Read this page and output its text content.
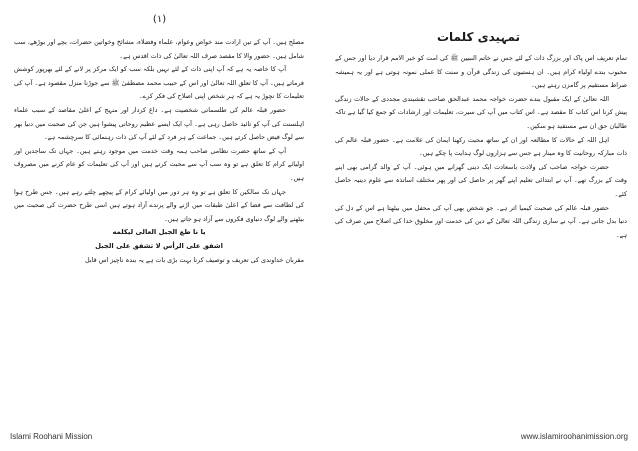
(۱)

مصلح ہیں۔ آپ کے تین ارادت مند خواص وعوام، علماء وفضلاء، مشائخ وخواتین حضرات، بچے اور بوڑھے، سب شامل ہیں۔ حضور والا کا مقصد صرف اللہ تعالیٰ کی ذات اقدس ہے۔

آپ کا خاصہ یہ ہے کہ آپ اپنی ذات کے لئے نہیں بلکہ سب کو ایک مرکز پر لانے کے لئے بھرپور کوشش فرماتے ہیں۔ آپ کا تعلق اللہ تعالیٰ اور اس کے حبیب محمد مصطفیٰ ﷺ سے جوڑنا منزل مقصود ہے۔ آپ کی تعلیمات کا نچوڑ یہ ہے کہ ہر شخص اپنی اصلاح کی فکر کرے۔

حضور قبلہ عالم کی طلسماتی شخصیت ہے۔ داغ کردار اور منہج کے اعلیٰ مقاصد کے سبب علماء اہلسنت کی آپ کو تائید حاصل رہی ہے۔ آپ ایک ایسے عظیم روحانی پیشوا ہیں جن کی صحبت میں دنیا بھر سے لوگ فیض حاصل کرتے ہیں۔ جماعت کے ہر فرد کے لئے آپ کی ذات رہنمائی کا سرچشمہ ہے۔

آپ کے ساتھ حضرت نظامی صاحب ہمہ وقت خدمت میں موجود رہتے ہیں۔ جہاں تک ساجدین اور اولیائے کرام کا تعلق ہے تو وہ سب آپ سے محبت کرتے ہیں اور آپ کی تعلیمات کو عام کرنے میں مصروف ہیں۔

جہاں تک سالکین کا تعلق ہے تو وہ ہر دور میں اولیائے کرام کے پیچھے چلتے رہے ہیں۔ جس طرح ہوا کی لطافت سے فضا کے اعلیٰ طبقات میں اڑنے والے پرندے آزاد ہوتے ہیں اسی طرح حضرت کی صحبت میں بیٹھنے والے لوگ دنیاوی فکروں سے آزاد ہو جاتے ہیں۔

یا نا طع الجبل العالی لیکلمه

اشفق علی الرأس لا تشفق علی الجبل

مقربان خداوندی کی تعریف و توصیف کرنا بہت بڑی بات ہے یہ بندہ ناچیز اس قابل

Islami Roohani Mission
تمہیدی کلمات

تمام تعریف اس پاک اور بزرگ ذات کے لئے جس نے خاتم النبیین ﷺ کی امت کو خیر الامم قرار دیا اور جس کے محبوب بندے اولیاء کرام ہیں۔ ان ہستیوں کی زندگی قرآن و سنت کا عملی نمونہ ہوتی ہے اور یہ ہمیشہ صراط مستقیم پر گامزن رہتے ہیں۔

اللہ تعالیٰ کے ایک مقبول بندے حضرت خواجہ محمد عبدالحق صاحب نقشبندی مجددی کے حالات زندگی پیش کرنا اس کتاب کا مقصد ہے۔ اس کتاب میں آپ کی سیرت، تعلیمات اور ارشادات کو جمع کیا گیا ہے تاکہ طالبان حق ان سے مستفید ہو سکیں۔

اہل اللہ کے حالات کا مطالعہ اور ان کے ساتھ محبت رکھنا ایمان کی علامت ہے۔ حضور قبلہ عالم کی ذات مبارکہ روحانیت کا وہ مینار ہے جس سے ہزاروں لوگ ہدایت پا چکے ہیں۔

حضرت خواجہ صاحب کی ولادت باسعادت ایک دینی گھرانے میں ہوئی۔ آپ کے والد گرامی بھی اپنے وقت کے بزرگ تھے۔ آپ نے ابتدائی تعلیم اپنے گھر پر حاصل کی اور پھر مختلف اساتذہ سے علوم دینیہ حاصل کئے۔

حضور قبلہ عالم کی صحبت کیمیا اثر ہے۔ جو شخص بھی آپ کی محفل میں بیٹھتا ہے اس کے دل کی دنیا بدل جاتی ہے۔ آپ نے ساری زندگی اللہ تعالیٰ کے دین کی خدمت اور مخلوق خدا کی اصلاح میں صرف کی ہے۔

www.islamiroohanimission.org
